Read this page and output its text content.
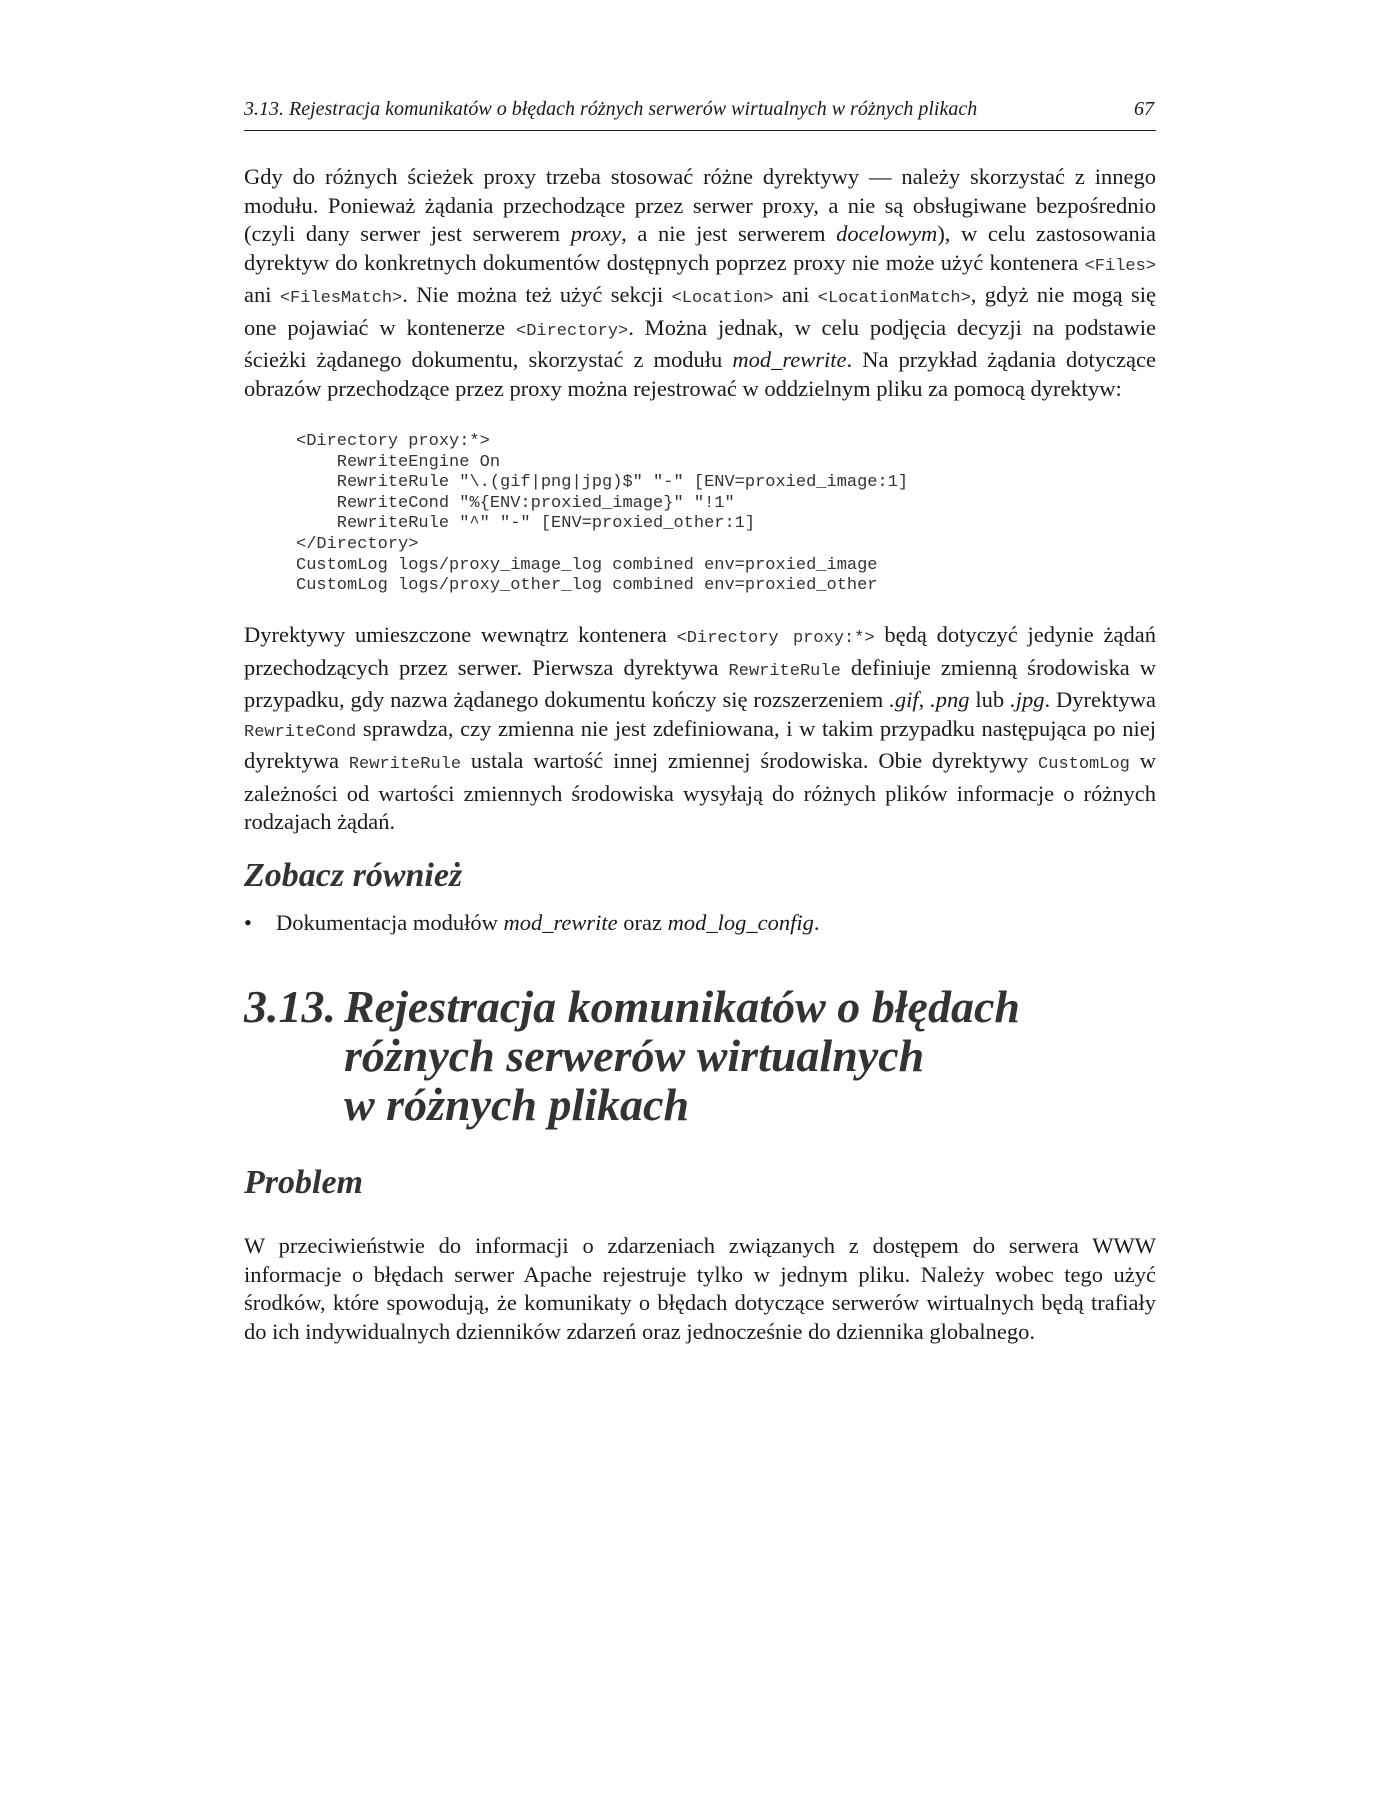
3.13. Rejestracja komunikatów o błędach różnych serwerów wirtualnych w różnych plikach	67

Gdy do różnych ścieżek proxy trzeba stosować różne dyrektywy — należy skorzystać z innego modułu. Ponieważ żądania przechodzące przez serwer proxy, a nie są obsługiwane bezpośrednio (czyli dany serwer jest serwerem proxy, a nie jest serwerem docelowym), w celu zastosowania dyrektyw do konkretnych dokumentów dostępnych poprzez proxy nie może użyć kontenera <Files> ani <FilesMatch>. Nie można też użyć sekcji <Location> ani <LocationMatch>, gdyż nie mogą się one pojawiać w kontenerze <Directory>. Można jednak, w celu podjęcia decyzji na podstawie ścieżki żądanego dokumentu, skorzystać z modułu mod_rewrite. Na przykład żądania dotyczące obrazów przechodzące przez proxy można rejestrować w oddzielnym pliku za pomocą dyrektyw:

<Directory proxy:*>
RewriteEngine On
RewriteRule "\.(gif|png|jpg)$" "-" [ENV=proxied_image:1]
RewriteCond "%{ENV:proxied_image}" "!1"
RewriteRule "^" "-" [ENV=proxied_other:1]
</Directory>
CustomLog logs/proxy_image_log combined env=proxied_image
CustomLog logs/proxy_other_log combined env=proxied_other

Dyrektywy umieszczone wewnątrz kontenera <Directory proxy:*> będą dotyczyć jedynie żądań przechodzących przez serwer. Pierwsza dyrektywa RewriteRule definiuje zmienną środowiska w przypadku, gdy nazwa żądanego dokumentu kończy się rozszerzeniem .gif, .png lub .jpg. Dyrektywa RewriteCond sprawdza, czy zmienna nie jest zdefiniowana, i w takim przypadku następująca po niej dyrektywa RewriteRule ustala wartość innej zmiennej środowiska. Obie dyrektywy CustomLog w zależności od wartości zmiennych środowiska wysyłają do różnych plików informacje o różnych rodzajach żądań.

Zobacz również
• Dokumentacja modułów mod_rewrite oraz mod_log_config.
3.13. Rejestracja komunikatów o błędach
różnych serwerów wirtualnych
w różnych plikach
Problem

W przeciwieństwie do informacji o zdarzeniach związanych z dostępem do serwera WWW informacje o błędach serwer Apache rejestruje tylko w jednym pliku. Należy wobec tego użyć środków, które spowodują, że komunikaty o błędach dotyczące serwerów wirtualnych będą trafiały do ich indywidualnych dzienników zdarzeń oraz jednocześnie do dziennika globalnego.
